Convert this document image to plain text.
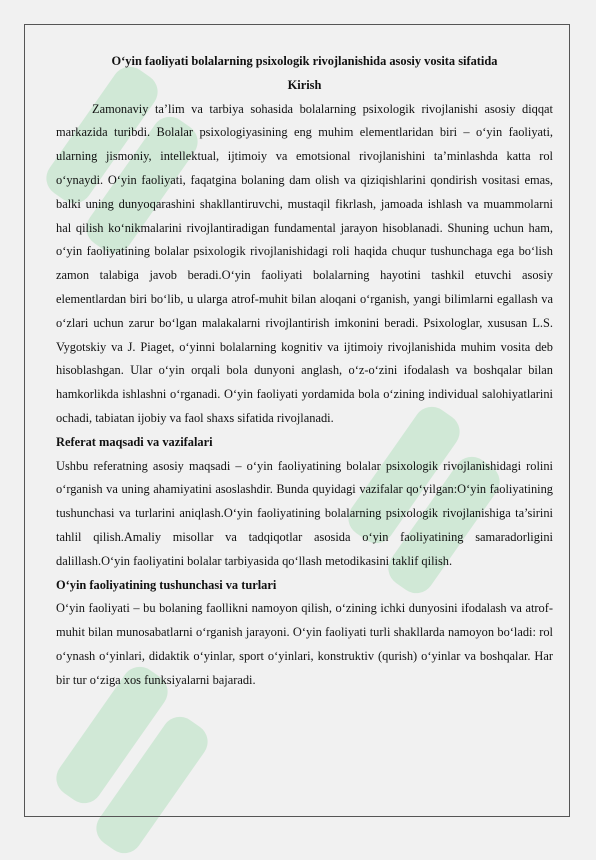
O‘yin faoliyati bolalarning psixologik rivojlanishida asosiy vosita sifatida

Kirish

Zamonaviy ta’lim va tarbiya sohasida bolalarning psixologik rivojlanishi asosiy diqqat markazida turibdi. Bolalar psixologiyasining eng muhim elementlaridan biri – o‘yin faoliyati, ularning jismoniy, intellektual, ijtimoiy va emotsional rivojlanishini ta’minlashda katta rol o‘ynaydi. O‘yin faoliyati, faqatgina bolaning dam olish va qiziqishlarini qondirish vositasi emas, balki uning dunyoqarashini shakllantiruvchi, mustaqil fikrlash, jamoada ishlash va muammolarni hal qilish ko‘nikmalarini rivojlantiradigan fundamental jarayon hisoblanadi. Shuning uchun ham, o‘yin faoliyatining bolalar psixologik rivojlanishidagi roli haqida chuqur tushunchaga ega bo‘lish zamon talabiga javob beradi.O‘yin faoliyati bolalarning hayotini tashkil etuvchi asosiy elementlardan biri bo‘lib, u ularga atrof-muhit bilan aloqani o‘rganish, yangi bilimlarni egallash va o‘zlari uchun zarur bo‘lgan malakalarni rivojlantirish imkonini beradi. Psixologlar, xususan L.S. Vygotskiy va J. Piaget, o‘yinni bolalarning kognitiv va ijtimoiy rivojlanishida muhim vosita deb hisoblashgan. Ular o‘yin orqali bola dunyoni anglash, o‘z-o‘zini ifodalash va boshqalar bilan hamkorlikda ishlashni o‘rganadi. O‘yin faoliyati yordamida bola o‘zining individual salohiyatlarini ochadi, tabiatan ijobiy va faol shaxs sifatida rivojlanadi.

Referat maqsadi va vazifalari

Ushbu referatning asosiy maqsadi – o‘yin faoliyatining bolalar psixologik rivojlanishidagi rolini o‘rganish va uning ahamiyatini asoslashdir. Bunda quyidagi vazifalar qo‘yilgan:O‘yin faoliyatining tushunchasi va turlarini aniqlash.O‘yin faoliyatining bolalarning psixologik rivojlanishiga ta’sirini tahlil qilish.Amaliy misollar va tadqiqotlar asosida o‘yin faoliyatining samaradorligini dalillash.O‘yin faoliyatini bolalar tarbiyasida qo‘llash metodikasini taklif qilish.

O‘yin faoliyatining tushunchasi va turlari

O‘yin faoliyati – bu bolaning faollikni namoyon qilish, o‘zining ichki dunyosini ifodalash va atrof-muhit bilan munosabatlarni o‘rganish jarayoni. O‘yin faoliyati turli shakllarda namoyon bo‘ladi: rol o‘ynash o‘yinlari, didaktik o‘yinlar, sport o‘yinlari, konstruktiv (qurish) o‘yinlar va boshqalar. Har bir tur o‘ziga xos funksiyalarni bajaradi.
